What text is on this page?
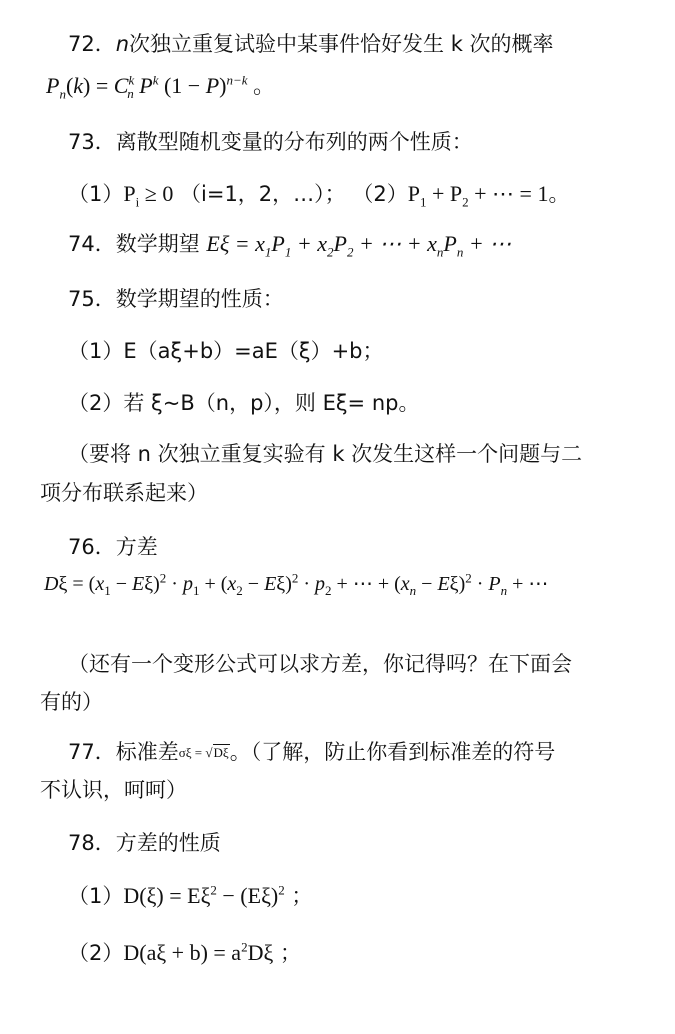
72．n次独立重复试验中某事件恰好发生 k 次的概率
$P_n(k) = C^k_n$ $P^k$ $(1 - P)^{n-k}$ 。
73．离散型随机变量的分布列的两个性质：
$(1)P_i \ge 0$ （i=1，2，…）； $(2)P_1 + P_2$ + ⋯ = 1。
74．数学期望 $E\xi = x_1P_1 + x_2P_2$ + ⋯ + $x_nP_n$ + ⋯
75．数学期望的性质：
（1）E（aξ+b）=aE（ξ）+b；
（2）若 ξ~B（n，p），则 Eξ= np。
（要将 n 次独立重复实验有 k 次发生这样一个问题与二
项分布联系起来）
76．方差
$D\xi = (x_1 - E\xi)^2 \cdot p_1 + (x_2 - E\xi)^2 \cdot p_2$ + ⋯ + $(x_n - E\xi)^2 \cdot P_n$ + ⋯
（还有一个变形公式可以求方差，你记得吗？在下面会
有的）
77．标准差σξ = √Dξ。（了解，防止你看到标准差的符号
不认识，呵呵）
78．方差的性质
$(1)D(\xi) = E\xi^2 - (E\xi)^2$ ；
$(2)D(a\xi + b) = a^2D\xi$ ；
